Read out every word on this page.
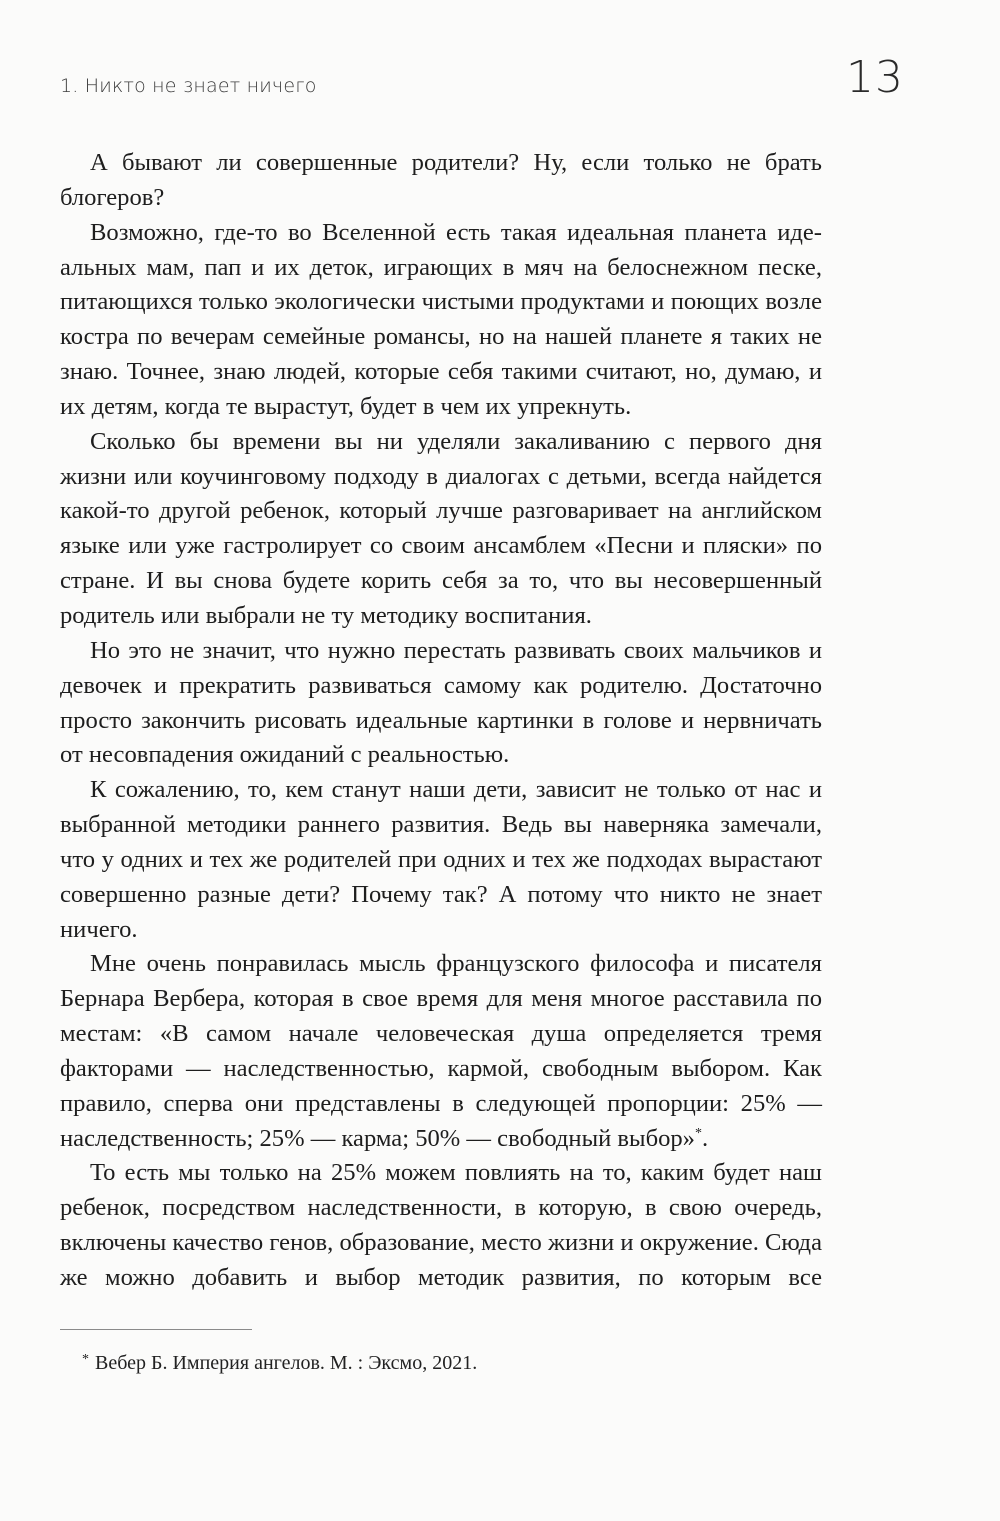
1. Никто не знает ничего	13

А бывают ли совершенные родители? Ну, если только не брать блогеров?

Возможно, где-то во Вселенной есть такая идеальная планета идеальных мам, пап и их деток, играющих в мяч на белоснежном песке, питающихся только экологически чистыми продуктами и поющих возле костра по вечерам семейные романсы, но на нашей планете я таких не знаю. Точнее, знаю людей, которые себя такими считают, но, думаю, и их детям, когда те вырастут, будет в чем их упрекнуть.

Сколько бы времени вы ни уделяли закаливанию с первого дня жизни или коучинговому подходу в диалогах с детьми, всегда найдется какой-то другой ребенок, который лучше разговаривает на английском языке или уже гастролирует со своим ансамблем «Песни и пляски» по стране. И вы снова будете корить себя за то, что вы несовершенный родитель или выбрали не ту методику воспитания.

Но это не значит, что нужно перестать развивать своих мальчиков и девочек и прекратить развиваться самому как родителю. Достаточно просто закончить рисовать идеальные картинки в голове и нервничать от несовпадения ожиданий с реальностью.

К сожалению, то, кем станут наши дети, зависит не только от нас и выбранной методики раннего развития. Ведь вы наверняка замечали, что у одних и тех же родителей при одних и тех же подходах вырастают совершенно разные дети? Почему так? А потому что никто не знает ничего.

Мне очень понравилась мысль французского философа и писателя Бернара Вербера, которая в свое время для меня многое расставила по местам: «В самом начале человеческая душа определяется тремя факторами — наследственностью, кармой, свободным выбором. Как правило, сперва они представлены в следующей пропорции: 25% — наследственность; 25% — карма; 50% — свободный выбор»*.

То есть мы только на 25% можем повлиять на то, каким будет наш ребенок, посредством наследственности, в которую, в свою очередь, включены качество генов, образование, место жизни и окружение. Сюда же можно добавить и выбор методик развития, по которым все

* Вебер Б. Империя ангелов. М. : Эксмо, 2021.
